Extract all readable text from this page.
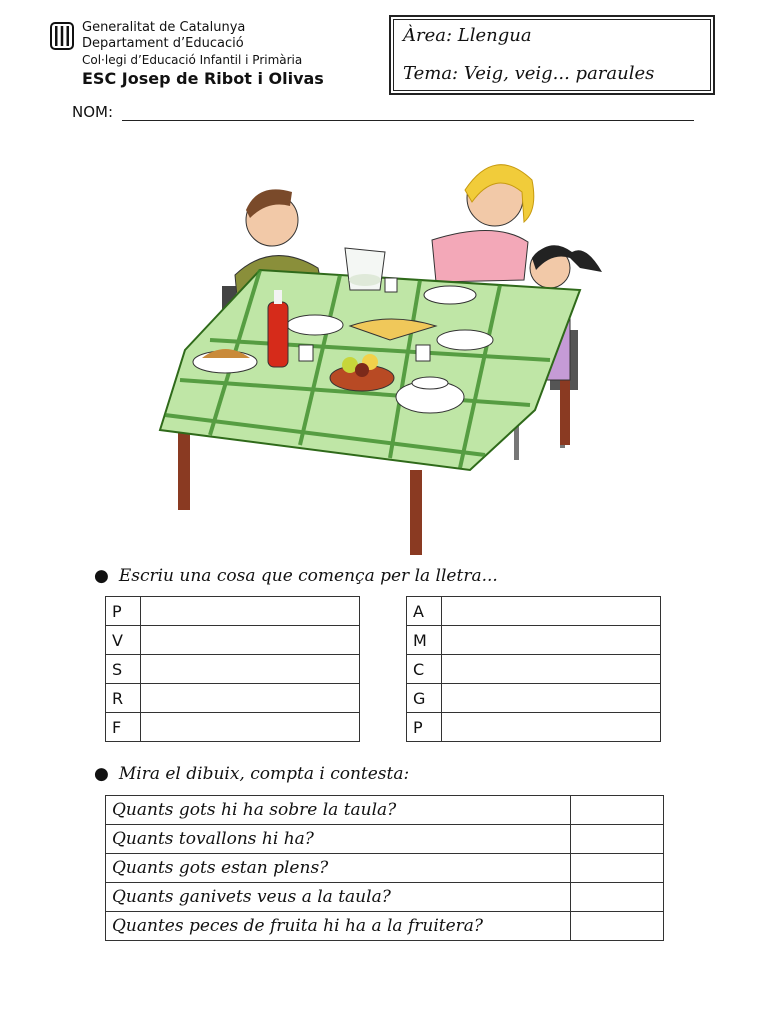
Generalitat de Catalunya
Departament d’Educació
Col·legi d’Educació Infantil i Primària
ESC Josep de Ribot i Olivas
Àrea: Llengua
Tema: Veig, veig... paraules
NOM:
● Escriu una cosa que comença per la lletra...
P	
V	
S	
R	
F	
A	
M	
C	
G	
P	
● Mira el dibuix, compta i contesta:
Quants gots hi ha sobre la taula?	
Quants tovallons hi ha?	
Quants gots estan plens?	
Quants ganivets veus a la taula?	
Quantes peces de fruita hi ha a la fruitera?	
